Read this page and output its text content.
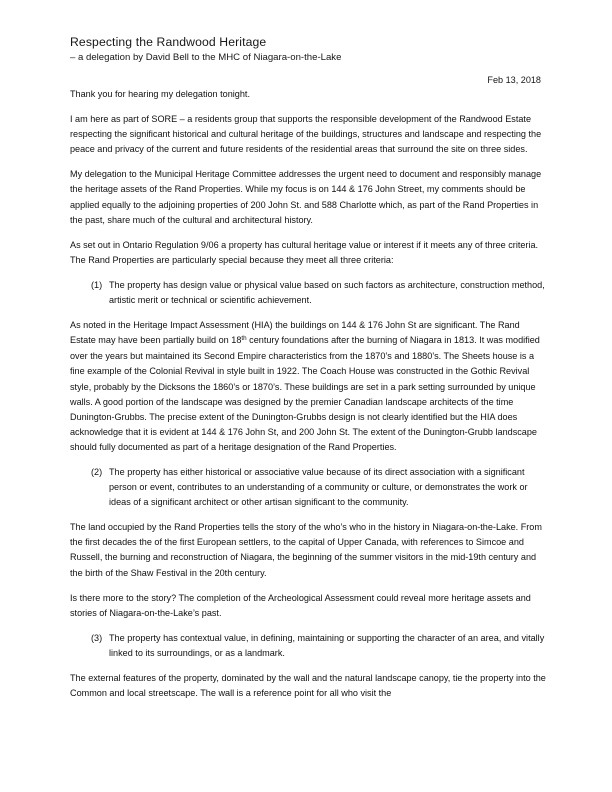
Respecting the Randwood Heritage
– a delegation by David Bell to the MHC of Niagara-on-the-Lake
Feb 13, 2018

Thank you for hearing my delegation tonight.

I am here as part of SORE – a residents group that supports the responsible development of the Randwood Estate respecting the significant historical and cultural heritage of the buildings, structures and landscape and respecting the peace and privacy of the current and future residents of the residential areas that surround the site on three sides.

My delegation to the Municipal Heritage Committee addresses the urgent need to document and responsibly manage the heritage assets of the Rand Properties. While my focus is on 144 & 176 John Street, my comments should be applied equally to the adjoining properties of 200 John St. and 588 Charlotte which, as part of the Rand Properties in the past, share much of the cultural and architectural history.

As set out in Ontario Regulation 9/06 a property has cultural heritage value or interest if it meets any of three criteria. The Rand Properties are particularly special because they meet all three criteria:

(1) The property has design value or physical value based on such factors as architecture, construction method, artistic merit or technical or scientific achievement.

As noted in the Heritage Impact Assessment (HIA) the buildings on 144 & 176 John St are significant. The Rand Estate may have been partially build on 18th century foundations after the burning of Niagara in 1813. It was modified over the years but maintained its Second Empire characteristics from the 1870’s and 1880’s. The Sheets house is a fine example of the Colonial Revival in style built in 1922. The Coach House was constructed in the Gothic Revival style, probably by the Dicksons the 1860’s or 1870’s. These buildings are set in a park setting surrounded by unique walls. A good portion of the landscape was designed by the premier Canadian landscape architects of the time Dunington-Grubbs. The precise extent of the Dunington-Grubbs design is not clearly identified but the HIA does acknowledge that it is evident at 144 & 176 John St, and 200 John St. The extent of the Dunington-Grubb landscape should fully documented as part of a heritage designation of the Rand Properties.

(2) The property has either historical or associative value because of its direct association with a significant person or event, contributes to an understanding of a community or culture, or demonstrates the work or ideas of a significant architect or other artisan significant to the community.

The land occupied by the Rand Properties tells the story of the who’s who in the history in Niagara-on-the-Lake. From the first decades the of the first European settlers, to the capital of Upper Canada, with references to Simcoe and Russell, the burning and reconstruction of Niagara, the beginning of the summer visitors in the mid-19th century and the birth of the Shaw Festival in the 20th century.

Is there more to the story? The completion of the Archeological Assessment could reveal more heritage assets and stories of Niagara-on-the-Lake’s past.

(3) The property has contextual value, in defining, maintaining or supporting the character of an area, and vitally linked to its surroundings, or as a landmark.

The external features of the property, dominated by the wall and the natural landscape canopy, tie the property into the Common and local streetscape. The wall is a reference point for all who visit the
